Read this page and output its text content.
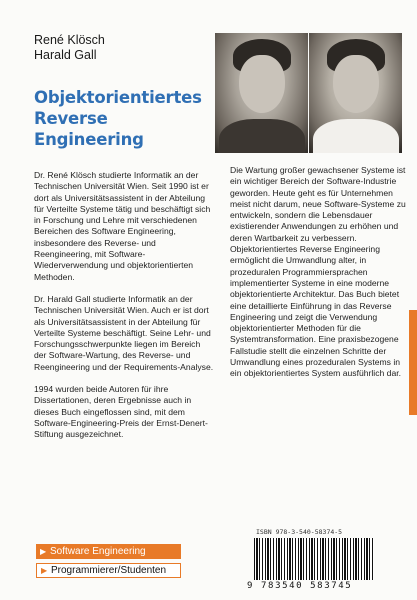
René Klösch
Harald Gall
Objektorientiertes
Reverse
Engineering

Dr. René Klösch studierte Informatik an der Technischen Universität Wien. Seit 1990 ist er dort als Universitätsassistent in der Abteilung für Verteilte Systeme tätig und beschäftigt sich in Forschung und Lehre mit verschiedenen Bereichen des Software Engineering, insbesondere des Reverse- und Reengineering, mit Software-Wiederverwendung und objektorientierten Methoden.

Dr. Harald Gall studierte Informatik an der Technischen Universität Wien. Auch er ist dort als Universitätsassistent in der Abteilung für Verteilte Systeme beschäftigt. Seine Lehr- und Forschungsschwerpunkte liegen im Bereich der Software-Wartung, des Reverse- und Reengineering und der Requirements-Analyse.

1994 wurden beide Autoren für ihre Dissertationen, deren Ergebnisse auch in dieses Buch eingeflossen sind, mit dem Software-Engineering-Preis der Ernst-Denert-Stiftung ausgezeichnet.

Die Wartung großer gewachsener Systeme ist ein wichtiger Bereich der Software-Industrie geworden. Heute geht es für Unternehmen meist nicht darum, neue Software-Systeme zu entwickeln, sondern die Lebensdauer existierender Anwendungen zu erhöhen und deren Wartbarkeit zu verbessern. Objektorientiertes Reverse Engineering ermöglicht die Umwandlung alter, in prozeduralen Programmiersprachen implementierter Systeme in eine moderne objektorientierte Architektur. Das Buch bietet eine detaillierte Einführung in das Reverse Engineering und zeigt die Verwendung objektorientierter Methoden für die Systemtransformation. Eine praxisbezogene Fallstudie stellt die einzelnen Schritte der Umwandlung eines prozeduralen Systems in ein objektorientiertes System ausführlich dar.

▶ Software Engineering
▶ Programmierer/Studenten
ISBN 978-3-540-58374-5
9 783540 583745
